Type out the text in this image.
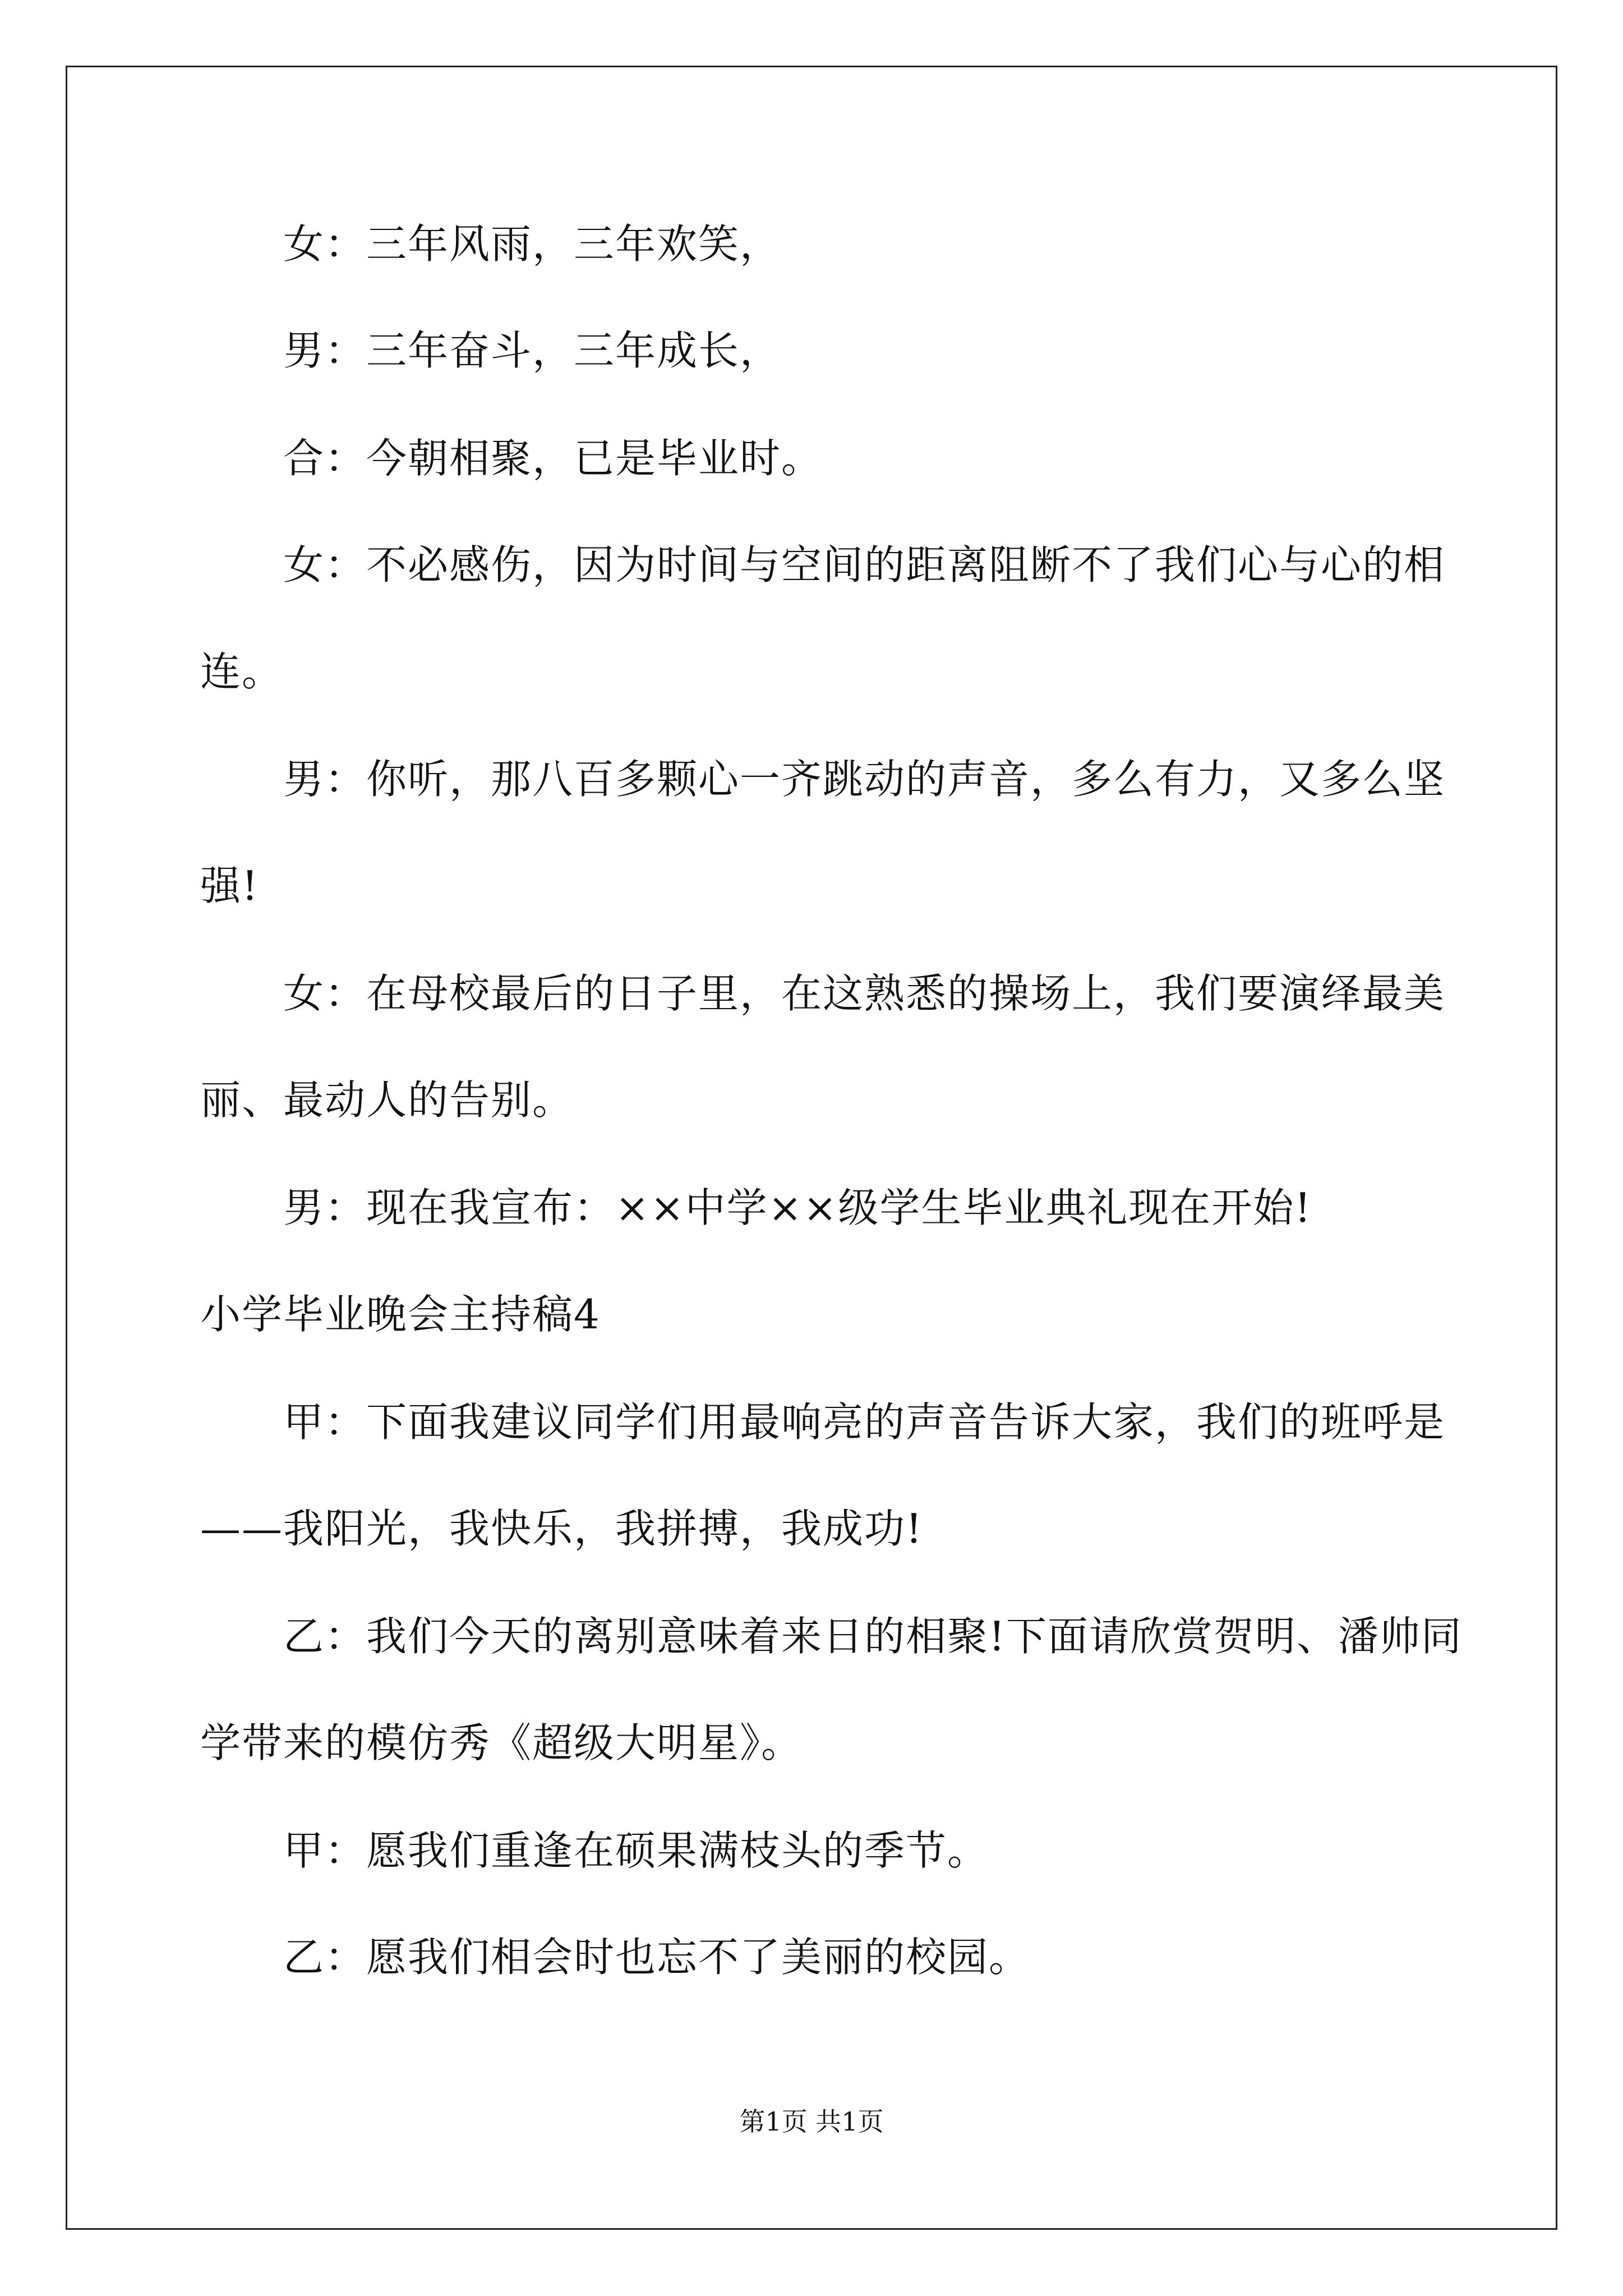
女：三年风雨，三年欢笑，
男：三年奋斗，三年成长，
合：今朝相聚，已是毕业时。
女：不必感伤，因为时间与空间的距离阻断不了我们心与心的相
连。
男：你听，那八百多颗心一齐跳动的声音，多么有力，又多么坚
强!
女：在母校最后的日子里，在这熟悉的操场上，我们要演绎最美
丽、最动人的告别。
男：现在我宣布：××中学××级学生毕业典礼现在开始!
小学毕业晚会主持稿4
甲：下面我建议同学们用最响亮的声音告诉大家，我们的班呼是
——我阳光，我快乐，我拼搏，我成功!
乙：我们今天的离别意味着来日的相聚!下面请欣赏贺明、潘帅同
学带来的模仿秀《超级大明星》。
甲：愿我们重逢在硕果满枝头的季节。
乙：愿我们相会时也忘不了美丽的校园。
第1页 共1页
